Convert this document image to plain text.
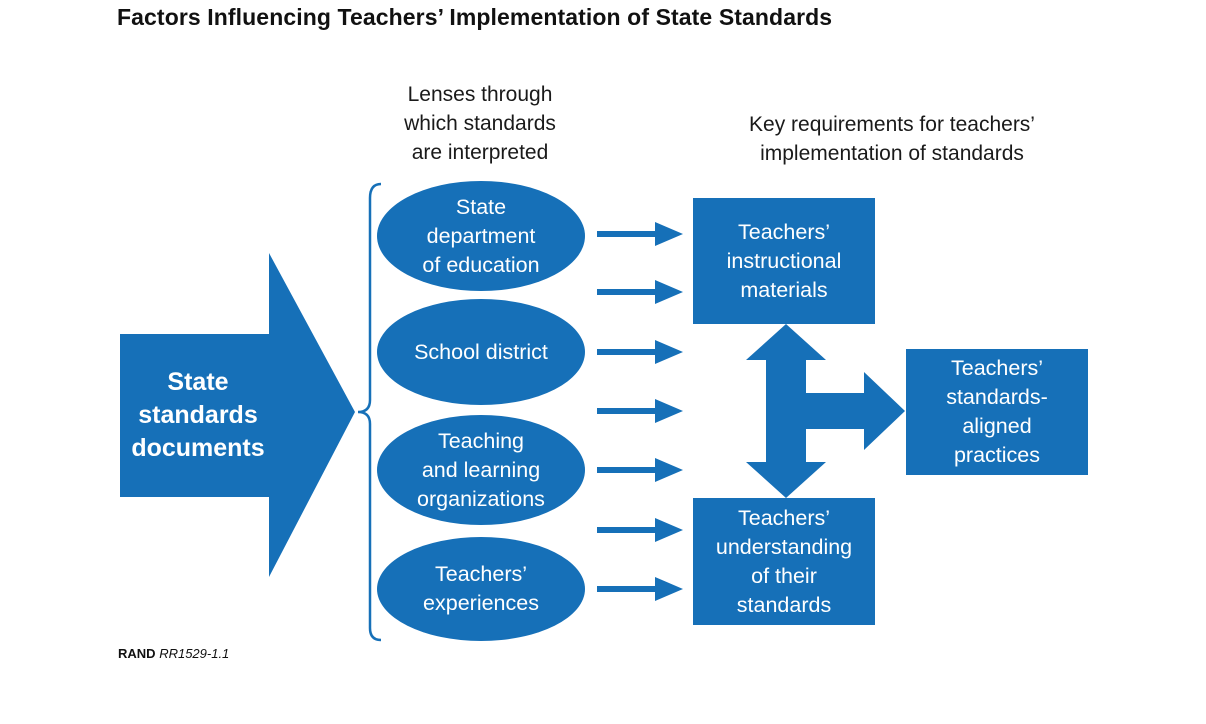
Factors Influencing Teachers’ Implementation of State Standards
Lenses through
which standards
are interpreted
Key requirements for teachers’
implementation of standards
State
standards
documents
State
department
of education
School district
Teaching
and learning
organizations
Teachers’
experiences
Teachers’
instructional
materials
Teachers’
understanding
of their
standards
Teachers’
standards-
aligned
practices
RAND RR1529-1.1
